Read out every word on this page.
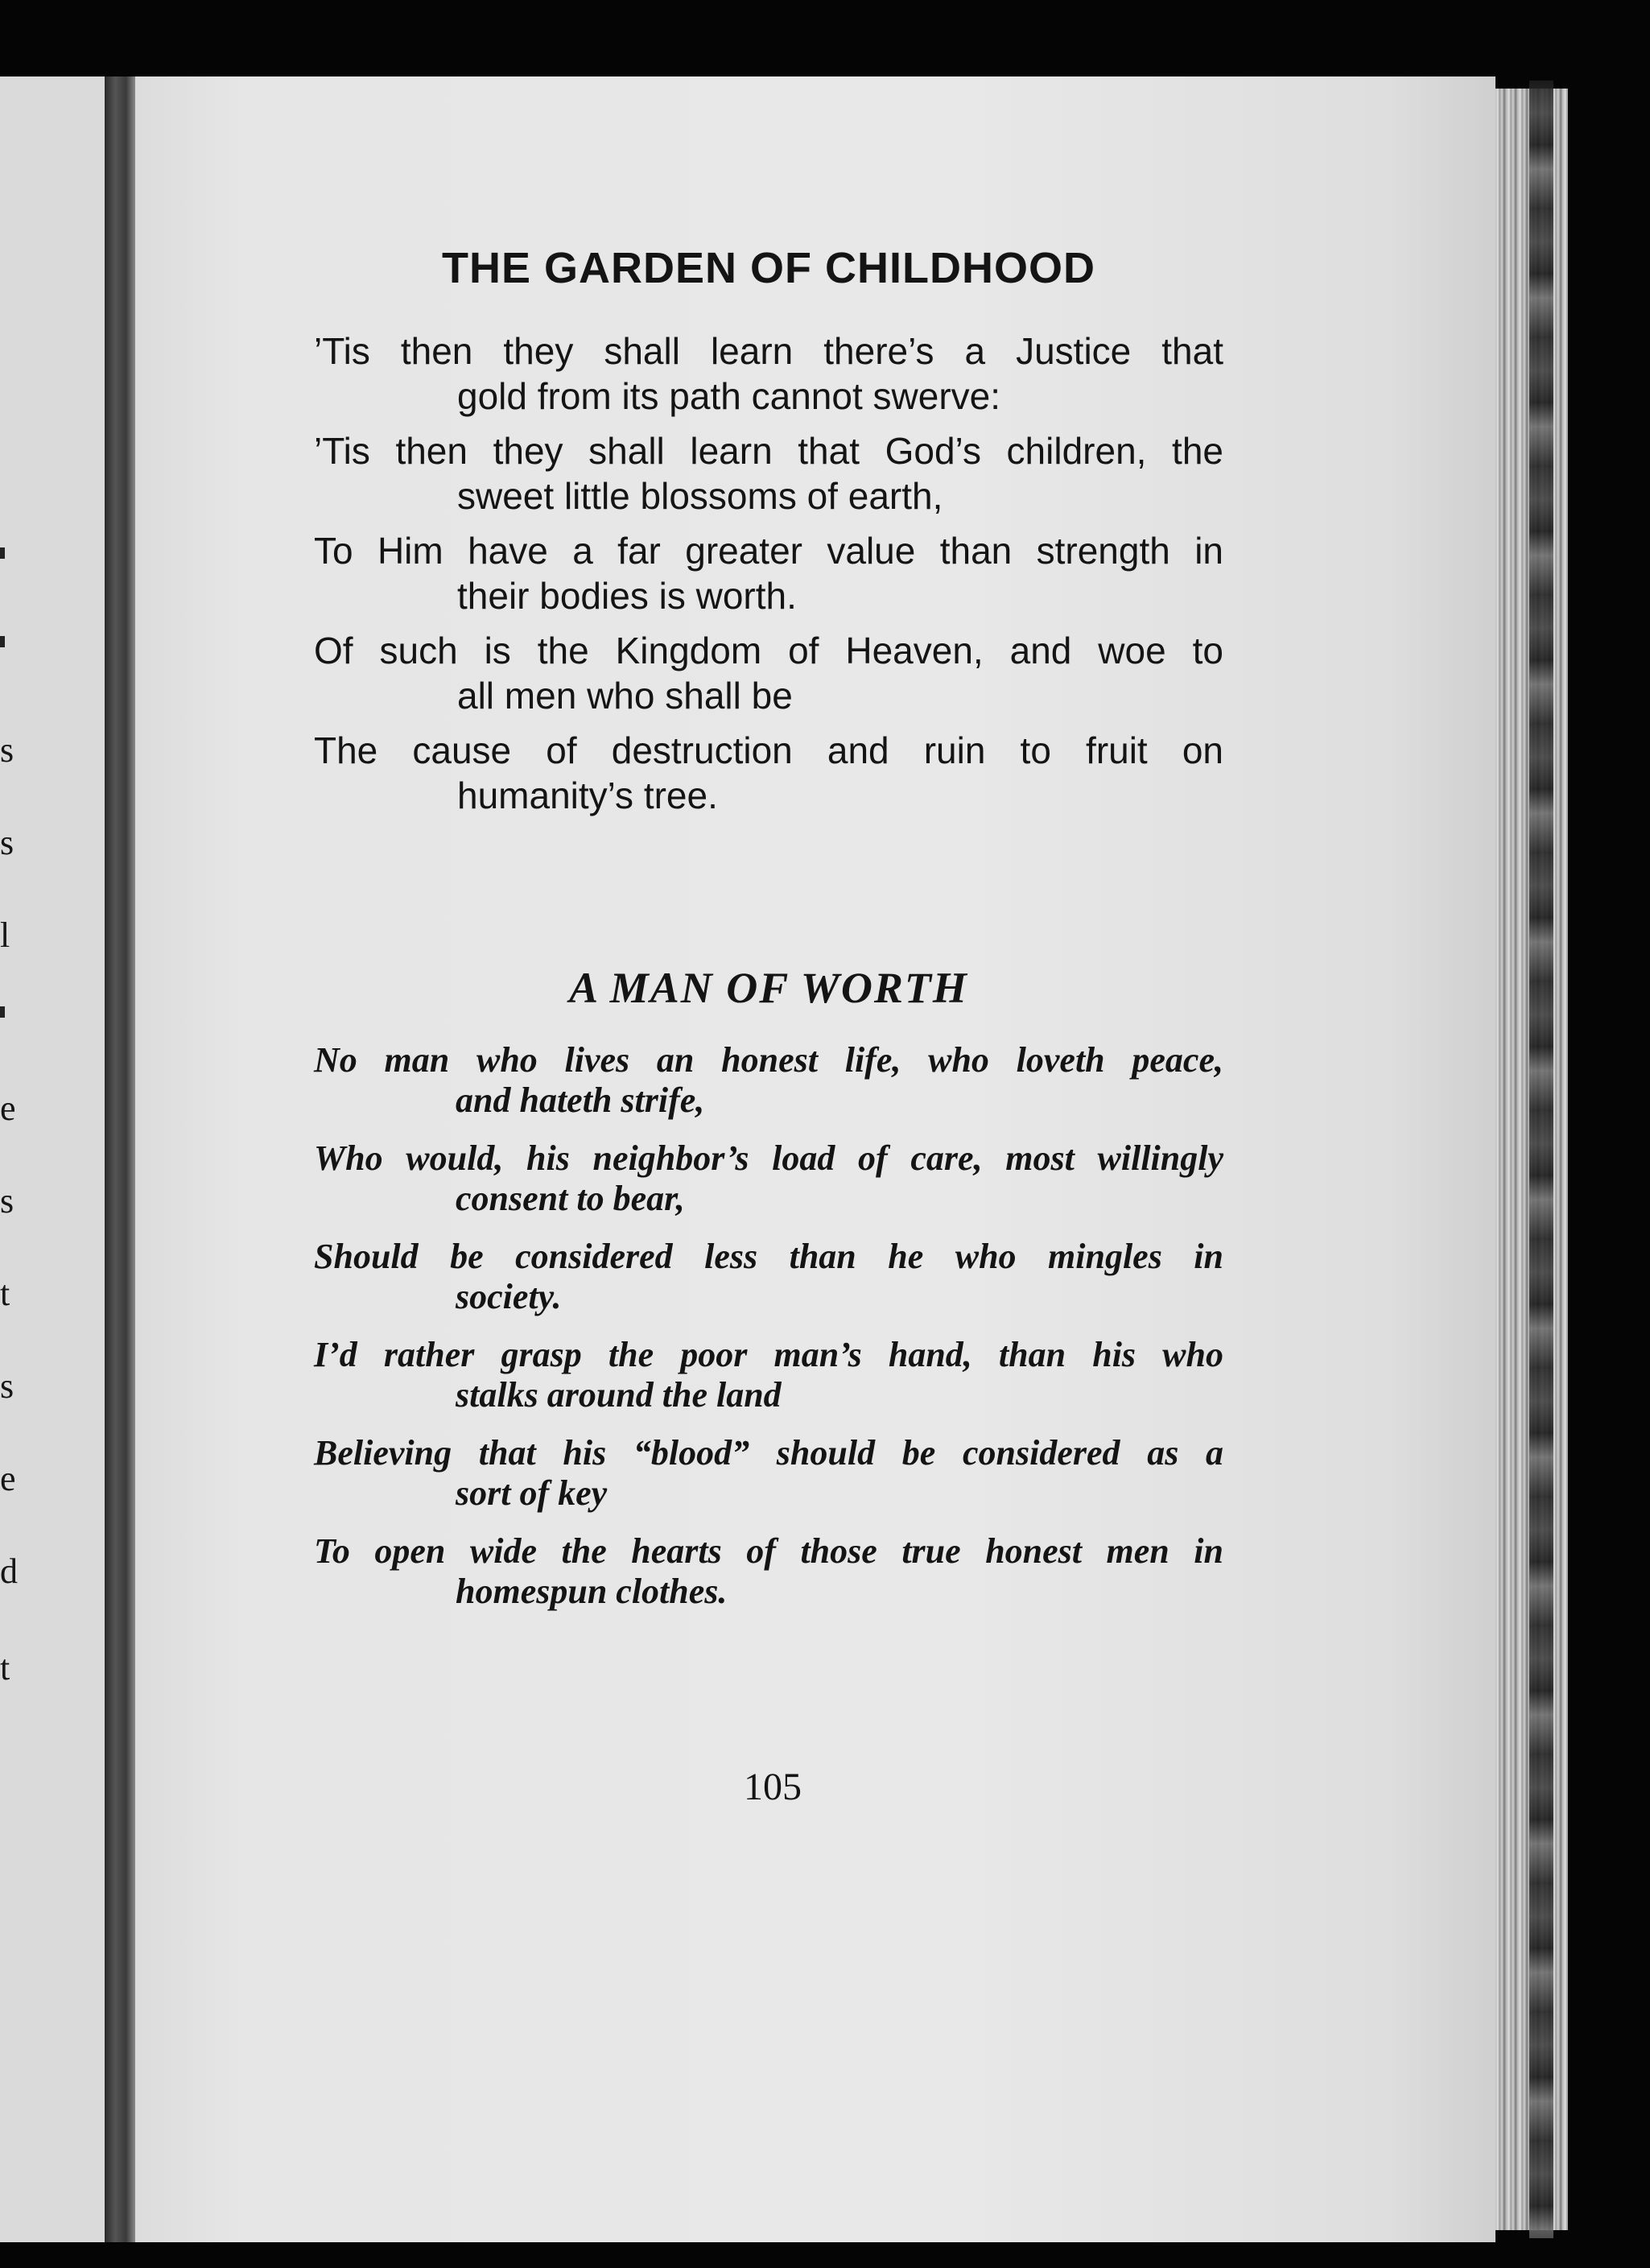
s
s
l
e
s
t
s
e
d
t
THE GARDEN OF CHILDHOOD
’Tis then they shall learn there’s a Justice that
gold from its path cannot swerve:
’Tis then they shall learn that God’s children, the
sweet little blossoms of earth,
To Him have a far greater value than strength in
their bodies is worth.
Of such is the Kingdom of Heaven, and woe to
all men who shall be
The cause of destruction and ruin to fruit on
humanity’s tree.
A MAN OF WORTH
No man who lives an honest life, who loveth peace,
and hateth strife,
Who would, his neighbor’s load of care, most willingly
consent to bear,
Should be considered less than he who mingles in
society.
I’d rather grasp the poor man’s hand, than his who
stalks around the land
Believing that his “blood” should be considered as a
sort of key
To open wide the hearts of those true honest men in
homespun clothes.

105
